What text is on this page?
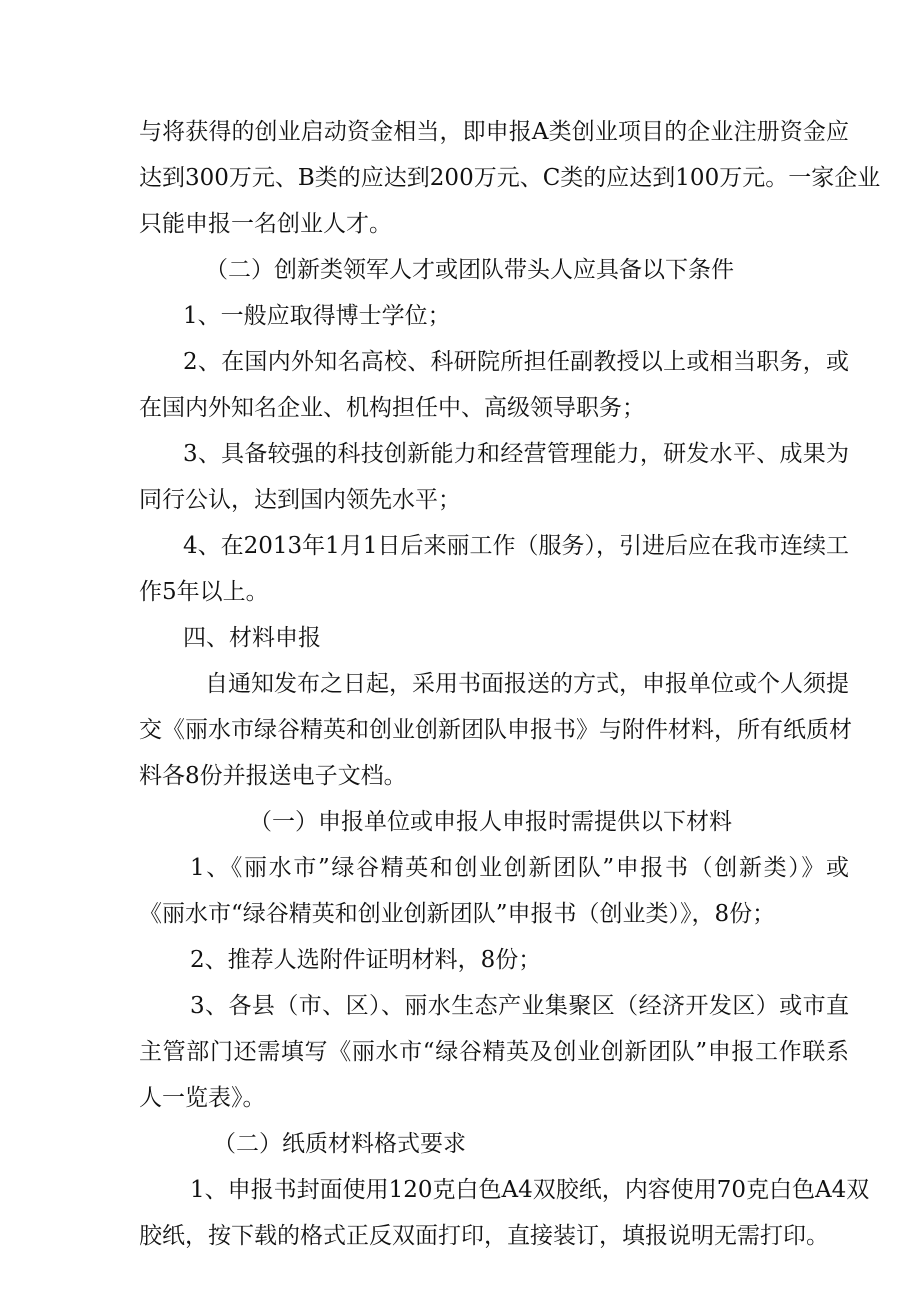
与将获得的创业启动资金相当，即申报A类创业项目的企业注册资金应
达到300万元、B类的应达到200万元、C类的应达到100万元。一家企业
只能申报一名创业人才。
（二）创新类领军人才或团队带头人应具备以下条件
1、一般应取得博士学位；
2、在国内外知名高校、科研院所担任副教授以上或相当职务，或
在国内外知名企业、机构担任中、高级领导职务；
3、具备较强的科技创新能力和经营管理能力，研发水平、成果为
同行公认，达到国内领先水平；
4、在2013年1月1日后来丽工作（服务），引进后应在我市连续工
作5年以上。
四、材料申报
自通知发布之日起，采用书面报送的方式，申报单位或个人须提
交《丽水市绿谷精英和创业创新团队申报书》与附件材料，所有纸质材
料各8份并报送电子文档。
（一）申报单位或申报人申报时需提供以下材料
1、《丽水市”绿谷精英和创业创新团队”申报书（创新类）》或
《丽水市“绿谷精英和创业创新团队”申报书（创业类）》，8份；
2、推荐人选附件证明材料，8份；
3、各县（市、区）、丽水生态产业集聚区（经济开发区）或市直
主管部门还需填写《丽水市“绿谷精英及创业创新团队”申报工作联系
人一览表》。
（二）纸质材料格式要求
1、申报书封面使用120克白色A4双胶纸，内容使用70克白色A4双
胶纸，按下载的格式正反双面打印，直接装订，填报说明无需打印。
